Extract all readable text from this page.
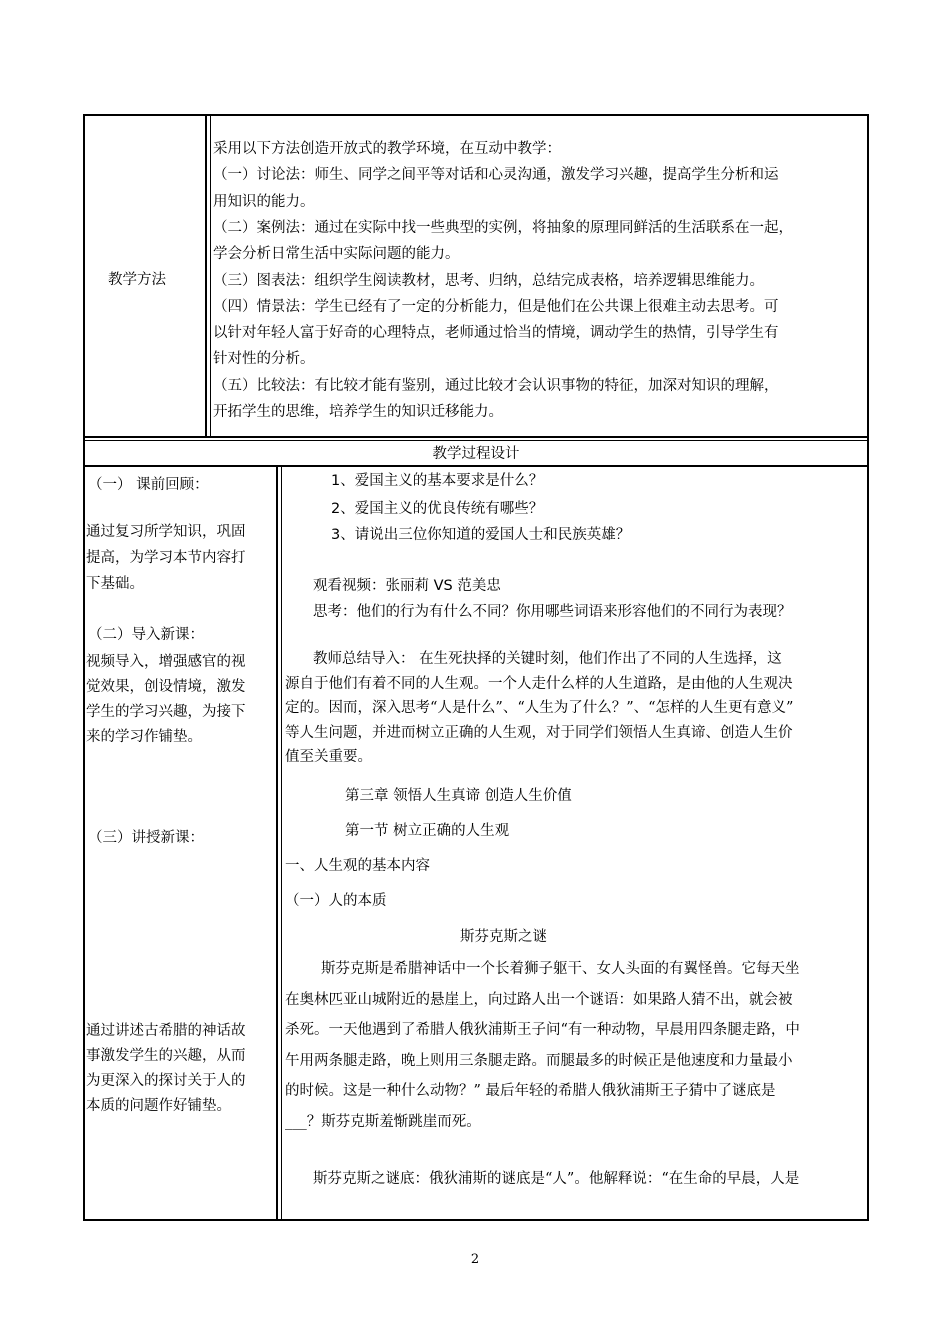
教学方法
采用以下方法创造开放式的教学环境，在互动中教学：
（一）讨论法：师生、同学之间平等对话和心灵沟通，激发学习兴趣，提高学生分析和运
用知识的能力。
（二）案例法：通过在实际中找一些典型的实例，将抽象的原理同鲜活的生活联系在一起，
学会分析日常生活中实际问题的能力。
（三）图表法：组织学生阅读教材，思考、归纳，总结完成表格，培养逻辑思维能力。
（四）情景法：学生已经有了一定的分析能力，但是他们在公共课上很难主动去思考。可
以针对年轻人富于好奇的心理特点，老师通过恰当的情境，调动学生的热情，引导学生有
针对性的分析。
（五）比较法：有比较才能有鉴别，通过比较才会认识事物的特征，加深对知识的理解，
开拓学生的思维，培养学生的知识迁移能力。
教学过程设计
（一） 课前回顾：
通过复习所学知识，巩固
提高，为学习本节内容打
下基础。
（二）导入新课：
视频导入，增强感官的视
觉效果，创设情境，激发
学生的学习兴趣，为接下
来的学习作铺垫。
（三）讲授新课：
通过讲述古希腊的神话故
事激发学生的兴趣，从而
为更深入的探讨关于人的
本质的问题作好铺垫。
1、爱国主义的基本要求是什么？
2、爱国主义的优良传统有哪些？
3、请说出三位你知道的爱国人士和民族英雄？
观看视频：张丽莉 VS 范美忠
思考：他们的行为有什么不同？你用哪些词语来形容他们的不同行为表现？
教师总结导入： 在生死抉择的关键时刻，他们作出了不同的人生选择，这
源自于他们有着不同的人生观。一个人走什么样的人生道路，是由他的人生观决
定的。因而，深入思考“人是什么”、“人生为了什么？”、“怎样的人生更有意义”
等人生问题，并进而树立正确的人生观，对于同学们领悟人生真谛、创造人生价
值至关重要。
第三章 领悟人生真谛 创造人生价值
第一节 树立正确的人生观
一、人生观的基本内容
（一）人的本质
斯芬克斯之谜
斯芬克斯是希腊神话中一个长着狮子躯干、女人头面的有翼怪兽。它每天坐
在奥林匹亚山城附近的悬崖上，向过路人出一个谜语：如果路人猜不出，就会被
杀死。一天他遇到了希腊人俄狄浦斯王子问“有一种动物，早晨用四条腿走路，中
午用两条腿走路，晚上则用三条腿走路。而腿最多的时候正是他速度和力量最小
的时候。这是一种什么动物？” 最后年轻的希腊人俄狄浦斯王子猜中了谜底是
___？斯芬克斯羞惭跳崖而死。
斯芬克斯之谜底：俄狄浦斯的谜底是“人”。他解释说：“在生命的早晨，人是
2
